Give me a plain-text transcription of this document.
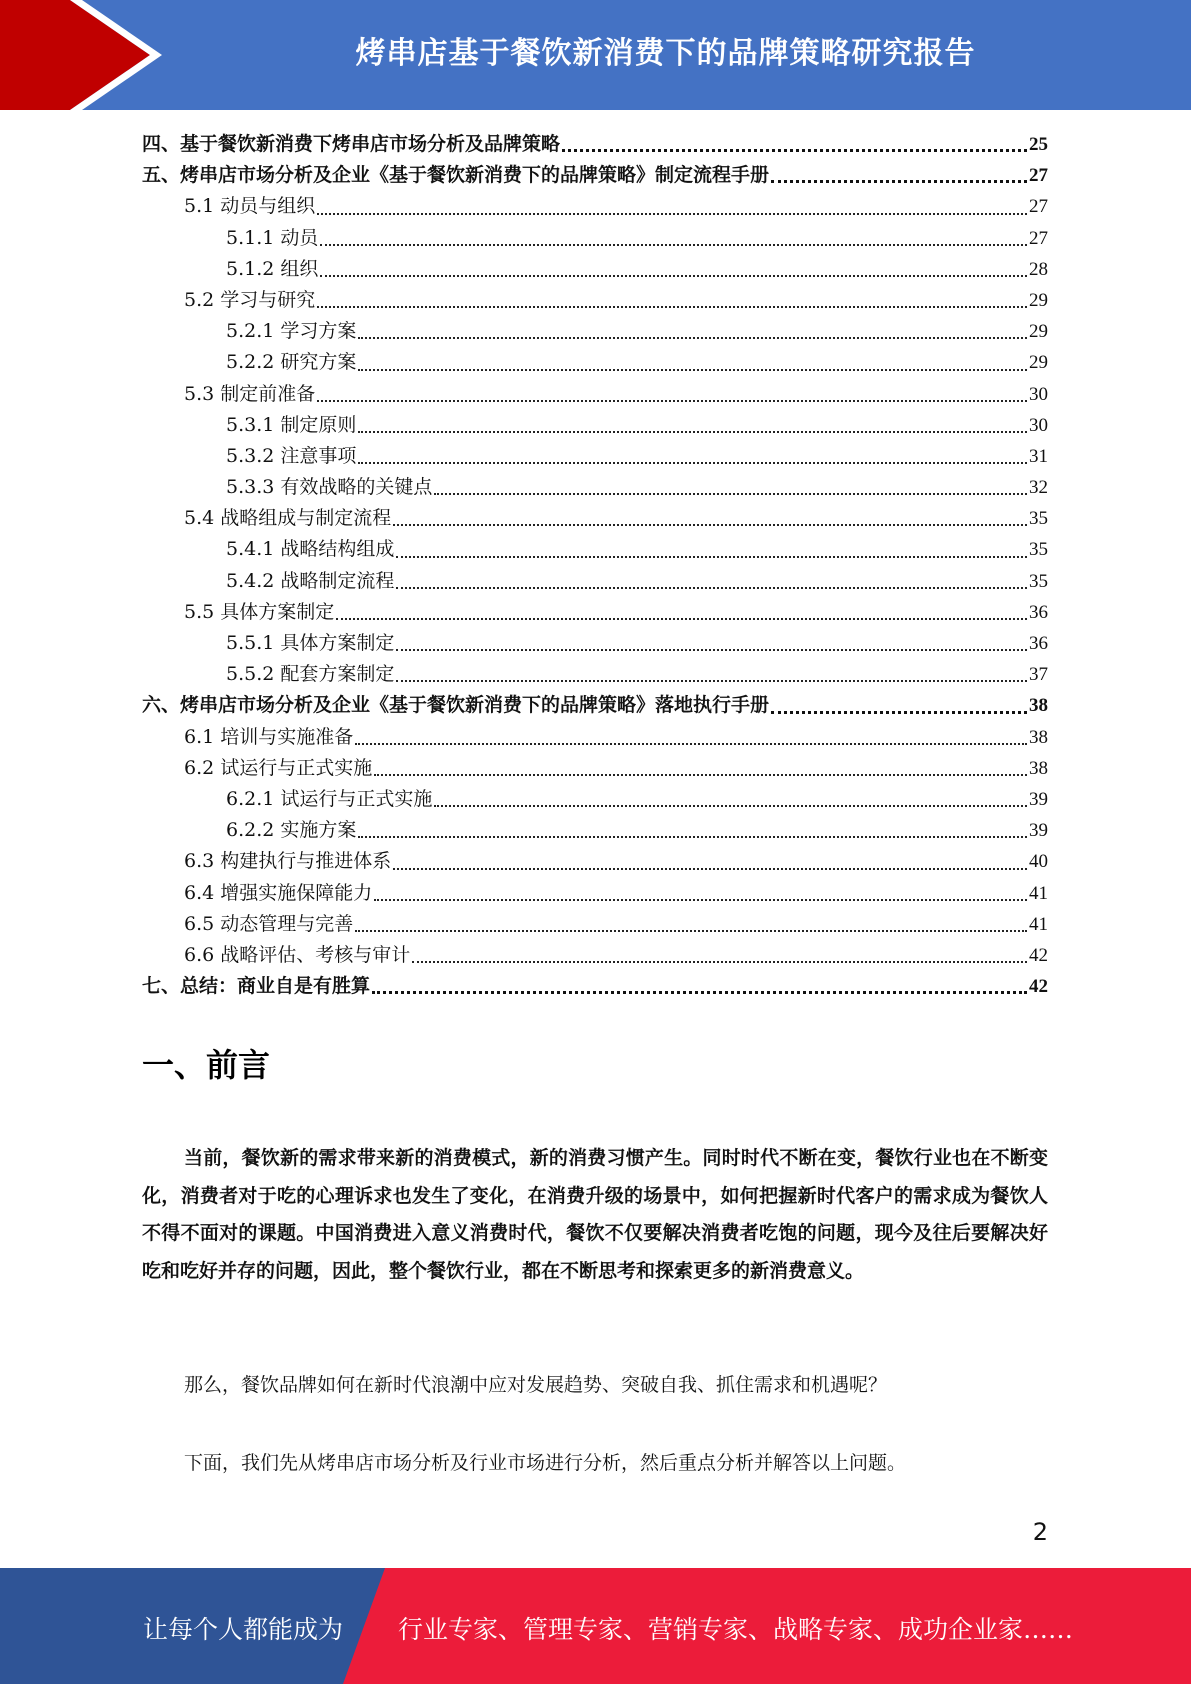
烤串店基于餐饮新消费下的品牌策略研究报告
四、基于餐饮新消费下烤串店市场分析及品牌策略	25
五、烤串店市场分析及企业《基于餐饮新消费下的品牌策略》制定流程手册	27
5.1 动员与组织	27
5.1.1 动员	27
5.1.2 组织	28
5.2 学习与研究	29
5.2.1 学习方案	29
5.2.2 研究方案	29
5.3 制定前准备	30
5.3.1 制定原则	30
5.3.2 注意事项	31
5.3.3 有效战略的关键点	32
5.4 战略组成与制定流程	35
5.4.1 战略结构组成	35
5.4.2 战略制定流程	35
5.5 具体方案制定	36
5.5.1 具体方案制定	36
5.5.2 配套方案制定	37
六、烤串店市场分析及企业《基于餐饮新消费下的品牌策略》落地执行手册	38
6.1 培训与实施准备	38
6.2 试运行与正式实施	38
6.2.1 试运行与正式实施	39
6.2.2 实施方案	39
6.3 构建执行与推进体系	40
6.4 增强实施保障能力	41
6.5 动态管理与完善	41
6.6 战略评估、考核与审计	42
七、总结：商业自是有胜算	42
一、前言
当前，餐饮新的需求带来新的消费模式，新的消费习惯产生。同时时代不断在变，餐饮行业也在不断变化，消费者对于吃的心理诉求也发生了变化，在消费升级的场景中，如何把握新时代客户的需求成为餐饮人不得不面对的课题。中国消费进入意义消费时代，餐饮不仅要解决消费者吃饱的问题，现今及往后要解决好吃和吃好并存的问题，因此，整个餐饮行业，都在不断思考和探索更多的新消费意义。
那么，餐饮品牌如何在新时代浪潮中应对发展趋势、突破自我、抓住需求和机遇呢？
下面，我们先从烤串店市场分析及行业市场进行分析，然后重点分析并解答以上问题。
2
让每个人都能成为 行业专家、管理专家、营销专家、战略专家、成功企业家……
